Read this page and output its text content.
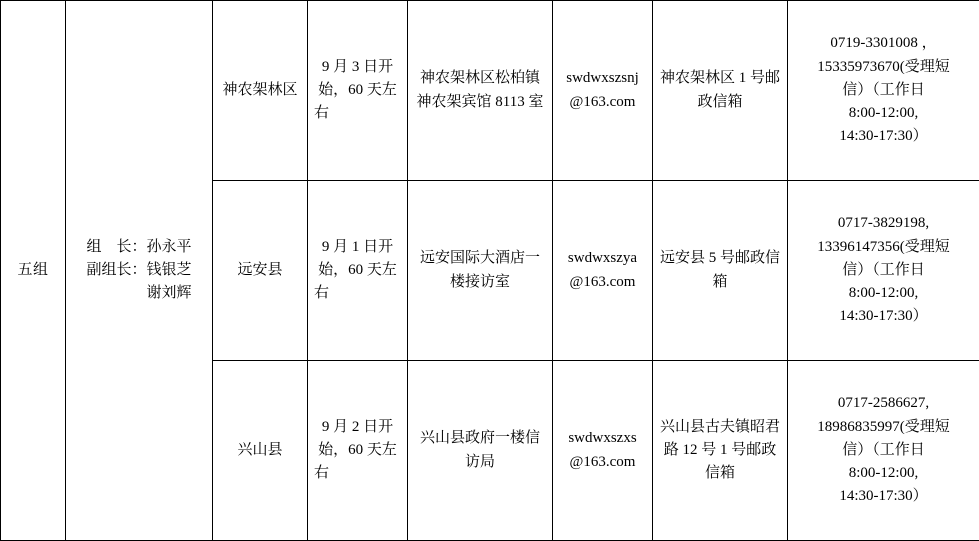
五组	组　长：孙永平
副组长：钱银芝
　　　　谢刘辉	神农架林区	9 月 3 日开始，60 天左右	神农架林区松柏镇神农架宾馆 8113 室	swdwxszsnj
@163.com	神农架林区 1 号邮政信箱	0719-3301008 ，
15335973670(受理短
信）（工作日
8:00-12:00,
14:30-17:30）

		远安县	9 月 1 日开始，60 天左右	远安国际大酒店一楼接访室	swdwxszya
@163.com	远安县 5 号邮政信箱	0717-3829198,
13396147356(受理短
信）（工作日
8:00-12:00,
14:30-17:30）

		兴山县	9 月 2 日开始，60 天左右	兴山县政府一楼信访局	swdwxszxs
@163.com	兴山县古夫镇昭君路 12 号 1 号邮政信箱	0717-2586627,
18986835997(受理短
信）（工作日
8:00-12:00,
14:30-17:30）
